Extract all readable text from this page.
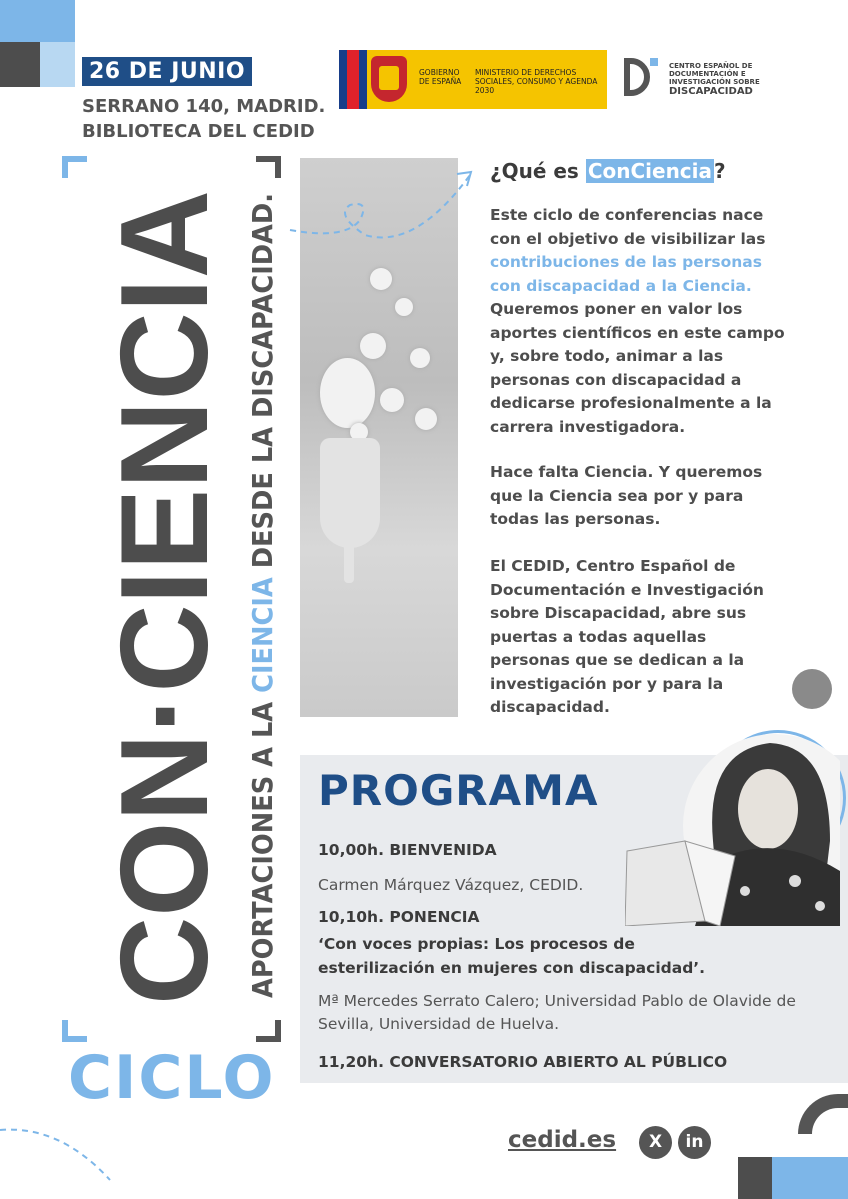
26 DE JUNIO
SERRANO 140, MADRID.
BIBLIOTECA DEL CEDID
GOBIERNO DE ESPAÑA
MINISTERIO DE DERECHOS SOCIALES, CONSUMO Y AGENDA 2030
CENTRO ESPAÑOL DE DOCUMENTACIÓN E INVESTIGACIÓN SOBRE
DISCAPACIDAD
CON·CIENCIA APORTACIONES A LA CIENCIA DESDE LA DISCAPACIDAD.
CICLO
¿Qué es ConCiencia ?
Este ciclo de conferencias nace con el objetivo de visibilizar las contribuciones de las personas con discapacidad a la Ciencia. Queremos poner en valor los aportes científicos en este campo y, sobre todo, animar a las personas con discapacidad a dedicarse profesionalmente a la carrera investigadora.
Hace falta Ciencia. Y queremos que la Ciencia sea por y para todas las personas.
El CEDID, Centro Español de Documentación e Investigación sobre Discapacidad, abre sus puertas a todas aquellas personas que se dedican a la investigación por y para la discapacidad.
PROGRAMA
10,00h. BIENVENIDA
Carmen Márquez Vázquez, CEDID.
10,10h. PONENCIA
‘Con voces propias: Los procesos de esterilización en mujeres con discapacidad’.
Mª Mercedes Serrato Calero; Universidad Pablo de Olavide de Sevilla, Universidad de Huelva.
11,20h. CONVERSATORIO ABIERTO AL PÚBLICO
cedid.es	X	in
